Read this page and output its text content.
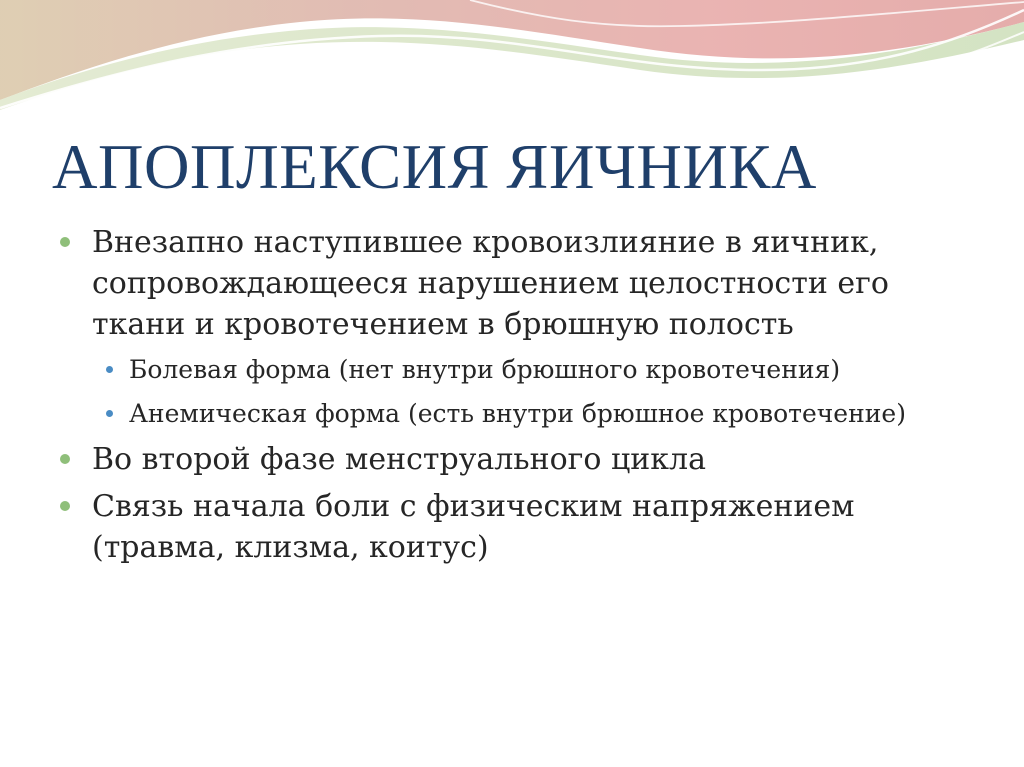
АПОПЛЕКСИЯ ЯИЧНИКА
Внезапно наступившее кровоизлияние в яичник, сопровождающееся нарушением целостности его ткани и кровотечением в брюшную полость
Болевая форма (нет внутри брюшного кровотечения)
Анемическая форма (есть внутри брюшное кровотечение)
Во второй фазе менструального цикла
Связь начала боли с физическим напряжением (травма, клизма, коитус)
